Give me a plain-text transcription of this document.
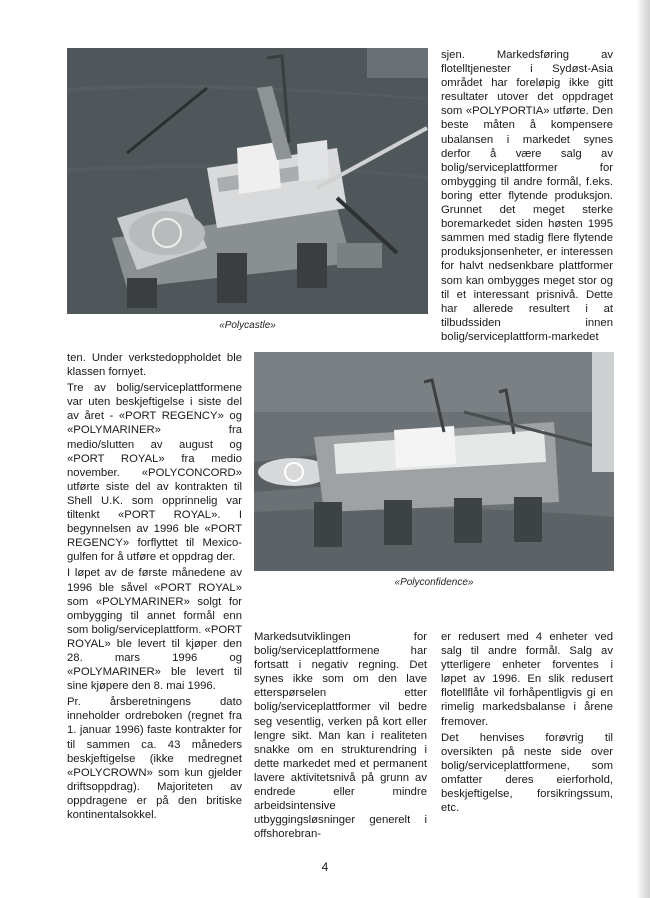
«Polycastle»

sjen. Markedsføring av flotelltjenester i Sydøst-Asia området har foreløpig ikke gitt resultater utover det oppdraget som «POLYPORTIA» utførte. Den beste måten å kompensere ubalansen i markedet synes derfor å være salg av bolig/serviceplattformer for ombygging til andre formål, f.eks. boring etter flytende produksjon. Grunnet det meget sterke boremarkedet siden høsten 1995 sammen med stadig flere flytende produksjonsenheter, er interessen for halvt nedsenkbare plattformer som kan ombygges meget stor og til et interessant prisnivå. Dette har allerede resultert i at tilbudssiden innen bolig/serviceplattform-markedet

«Polyconfidence»

ten. Under verkstedoppholdet ble klassen fornyet.

Tre av bolig/serviceplattformene var uten beskjeftigelse i siste del av året - «PORT REGENCY» og «POLYMARINER» fra medio/slutten av august og «PORT ROYAL» fra medio november. «POLYCONCORD» utførte siste del av kontrakten til Shell U.K. som opprinnelig var tiltenkt «PORT ROYAL». I begynnelsen av 1996 ble «PORT REGENCY» forflyttet til Mexico-gulfen for å utføre et oppdrag der.

I løpet av de første månedene av 1996 ble såvel «PORT ROYAL» som «POLYMARINER» solgt for ombygging til annet formål enn som bolig/serviceplattform. «PORT ROYAL» ble levert til kjøper den 28. mars 1996 og «POLYMARINER» ble levert til sine kjøpere den 8. mai 1996.

Pr. årsberetningens dato inneholder ordreboken (regnet fra 1. januar 1996) faste kontrakter for til sammen ca. 43 måneders beskjeftigelse (ikke medregnet «POLYCROWN» som kun gjelder driftsoppdrag). Majoriteten av oppdragene er på den britiske kontinentalsokkel.

Markedsutviklingen for bolig/serviceplattformene har fortsatt i negativ regning. Det synes ikke som om den lave etterspørselen etter bolig/serviceplattformer vil bedre seg vesentlig, verken på kort eller lengre sikt. Man kan i realiteten snakke om en strukturendring i dette markedet med et permanent lavere aktivitetsnivå på grunn av endrede eller mindre arbeidsintensive utbyggingsløsninger generelt i offshorebran-

er redusert med 4 enheter ved salg til andre formål. Salg av ytterligere enheter forventes i løpet av 1996. En slik redusert flotellflåte vil forhåpentligvis gi en rimelig markedsbalanse i årene fremover.

Det henvises forøvrig til oversikten på neste side over bolig/serviceplattformene, som omfatter deres eierforhold, beskjeftigelse, forsikringssum, etc.

4
